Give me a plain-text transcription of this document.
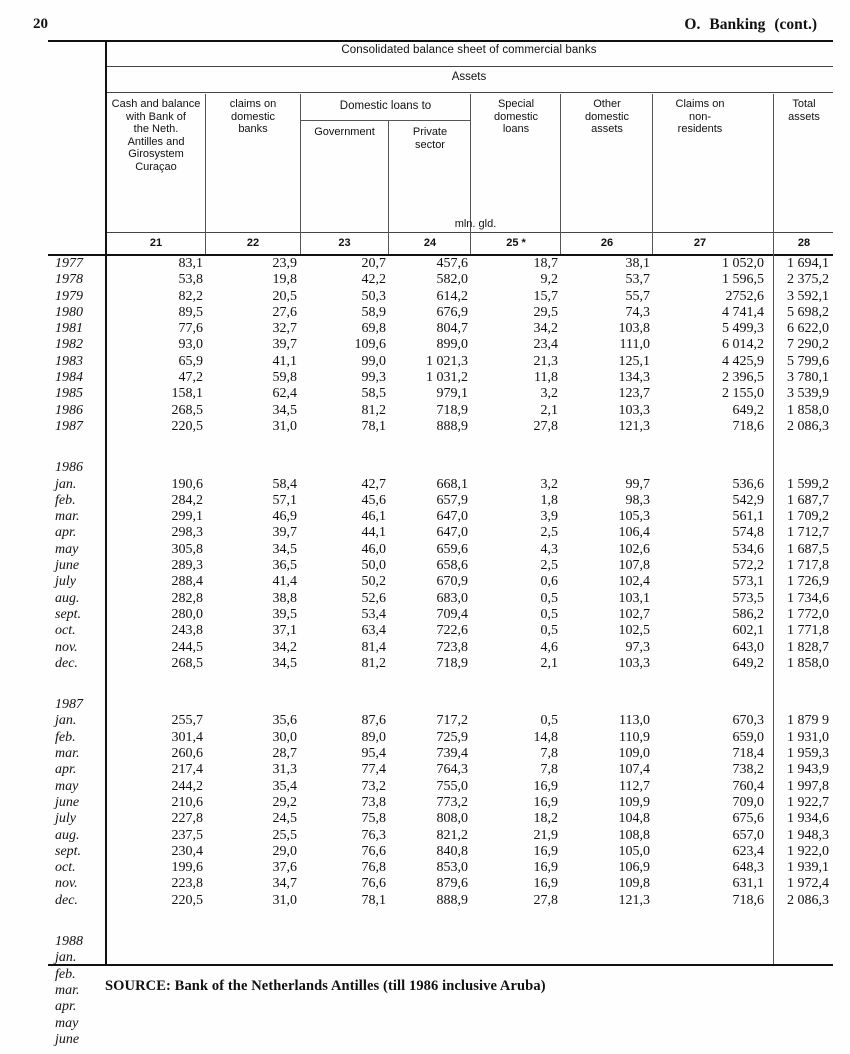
20	O. Banking (cont.)
Consolidated balance sheet of commercial banks
Assets
Cash and balance
with Bank of
the Neth.
Antilles and
Girosystem
Curaçao
claims on
domestic
banks
Domestic loans to
Government	Private
sector
Special
domestic
loans
Other
domestic
assets
Claims on
non-
residents
Total
assets
mln. gld.
21	22	23	24	25 *	26	27	28
1977	83,1	23,9	20,7	457,6	18,7	38,1	1 052,0	1 694,1
1978	53,8	19,8	42,2	582,0	9,2	53,7	1 596,5	2 375,2
1979	82,2	20,5	50,3	614,2	15,7	55,7	2752,6	3 592,1
1980	89,5	27,6	58,9	676,9	29,5	74,3	4 741,4	5 698,2
1981	77,6	32,7	69,8	804,7	34,2	103,8	5 499,3	6 622,0
1982	93,0	39,7	109,6	899,0	23,4	111,0	6 014,2	7 290,2
1983	65,9	41,1	99,0	1 021,3	21,3	125,1	4 425,9	5 799,6
1984	47,2	59,8	99,3	1 031,2	11,8	134,3	2 396,5	3 780,1
1985	158,1	62,4	58,5	979,1	3,2	123,7	2 155,0	3 539,9
1986	268,5	34,5	81,2	718,9	2,1	103,3	649,2	1 858,0
1987	220,5	31,0	78,1	888,9	27,8	121,3	718,6	2 086,3
1986
jan.	190,6	58,4	42,7	668,1	3,2	99,7	536,6	1 599,2
feb.	284,2	57,1	45,6	657,9	1,8	98,3	542,9	1 687,7
mar.	299,1	46,9	46,1	647,0	3,9	105,3	561,1	1 709,2
apr.	298,3	39,7	44,1	647,0	2,5	106,4	574,8	1 712,7
may	305,8	34,5	46,0	659,6	4,3	102,6	534,6	1 687,5
june	289,3	36,5	50,0	658,6	2,5	107,8	572,2	1 717,8
july	288,4	41,4	50,2	670,9	0,6	102,4	573,1	1 726,9
aug.	282,8	38,8	52,6	683,0	0,5	103,1	573,5	1 734,6
sept.	280,0	39,5	53,4	709,4	0,5	102,7	586,2	1 772,0
oct.	243,8	37,1	63,4	722,6	0,5	102,5	602,1	1 771,8
nov.	244,5	34,2	81,4	723,8	4,6	97,3	643,0	1 828,7
dec.	268,5	34,5	81,2	718,9	2,1	103,3	649,2	1 858,0
1987
jan.	255,7	35,6	87,6	717,2	0,5	113,0	670,3	1 879 9
feb.	301,4	30,0	89,0	725,9	14,8	110,9	659,0	1 931,0
mar.	260,6	28,7	95,4	739,4	7,8	109,0	718,4	1 959,3
apr.	217,4	31,3	77,4	764,3	7,8	107,4	738,2	1 943,9
may	244,2	35,4	73,2	755,0	16,9	112,7	760,4	1 997,8
june	210,6	29,2	73,8	773,2	16,9	109,9	709,0	1 922,7
july	227,8	24,5	75,8	808,0	18,2	104,8	675,6	1 934,6
aug.	237,5	25,5	76,3	821,2	21,9	108,8	657,0	1 948,3
sept.	230,4	29,0	76,6	840,8	16,9	105,0	623,4	1 922,0
oct.	199,6	37,6	76,8	853,0	16,9	106,9	648,3	1 939,1
nov.	223,8	34,7	76,6	879,6	16,9	109,8	631,1	1 972,4
dec.	220,5	31,0	78,1	888,9	27,8	121,3	718,6	2 086,3
1988
jan.
feb.
mar.
apr.
may
june
SOURCE: Bank of the Netherlands Antilles (till 1986 inclusive Aruba)
